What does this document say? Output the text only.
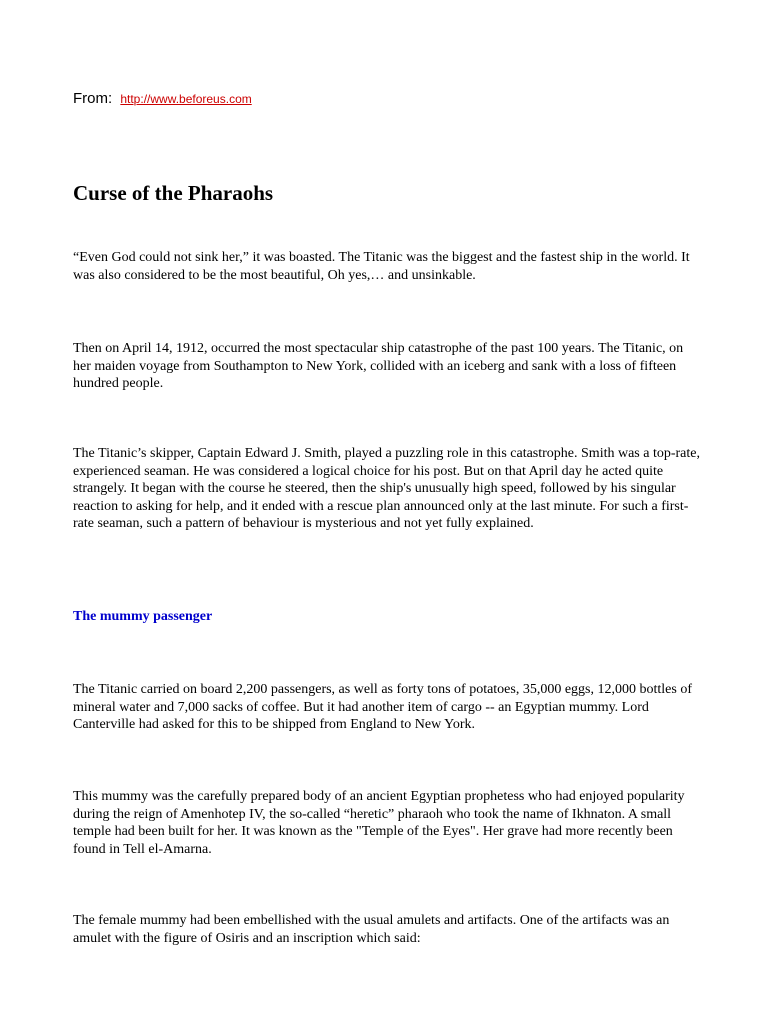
From: http://www.beforeus.com
Curse of the Pharaohs

“Even God could not sink her,” it was boasted. The Titanic was the biggest and the fastest ship in the world. It was also considered to be the most beautiful, Oh yes,… and unsinkable.

Then on April 14, 1912, occurred the most spectacular ship catastrophe of the past 100 years. The Titanic, on her maiden voyage from Southampton to New York, collided with an iceberg and sank with a loss of fifteen hundred people.

The Titanic’s skipper, Captain Edward J. Smith, played a puzzling role in this catastrophe. Smith was a top-rate, experienced seaman. He was considered a logical choice for his post. But on that April day he acted quite strangely. It began with the course he steered, then the ship's unusually high speed, followed by his singular reaction to asking for help, and it ended with a rescue plan announced only at the last minute. For such a first-rate seaman, such a pattern of behaviour is mysterious and not yet fully explained.

The mummy passenger

The Titanic carried on board 2,200 passengers, as well as forty tons of potatoes, 35,000 eggs, 12,000 bottles of mineral water and 7,000 sacks of coffee. But it had another item of cargo -- an Egyptian mummy. Lord Canterville had asked for this to be shipped from England to New York.

This mummy was the carefully prepared body of an ancient Egyptian prophetess who had enjoyed popularity during the reign of Amenhotep IV, the so-called “heretic” pharaoh who took the name of Ikhnaton. A small temple had been built for her. It was known as the "Temple of the Eyes". Her grave had more recently been found in Tell el-Amarna.

The female mummy had been embellished with the usual amulets and artifacts. One of the artifacts was an amulet with the figure of Osiris and an inscription which said:
